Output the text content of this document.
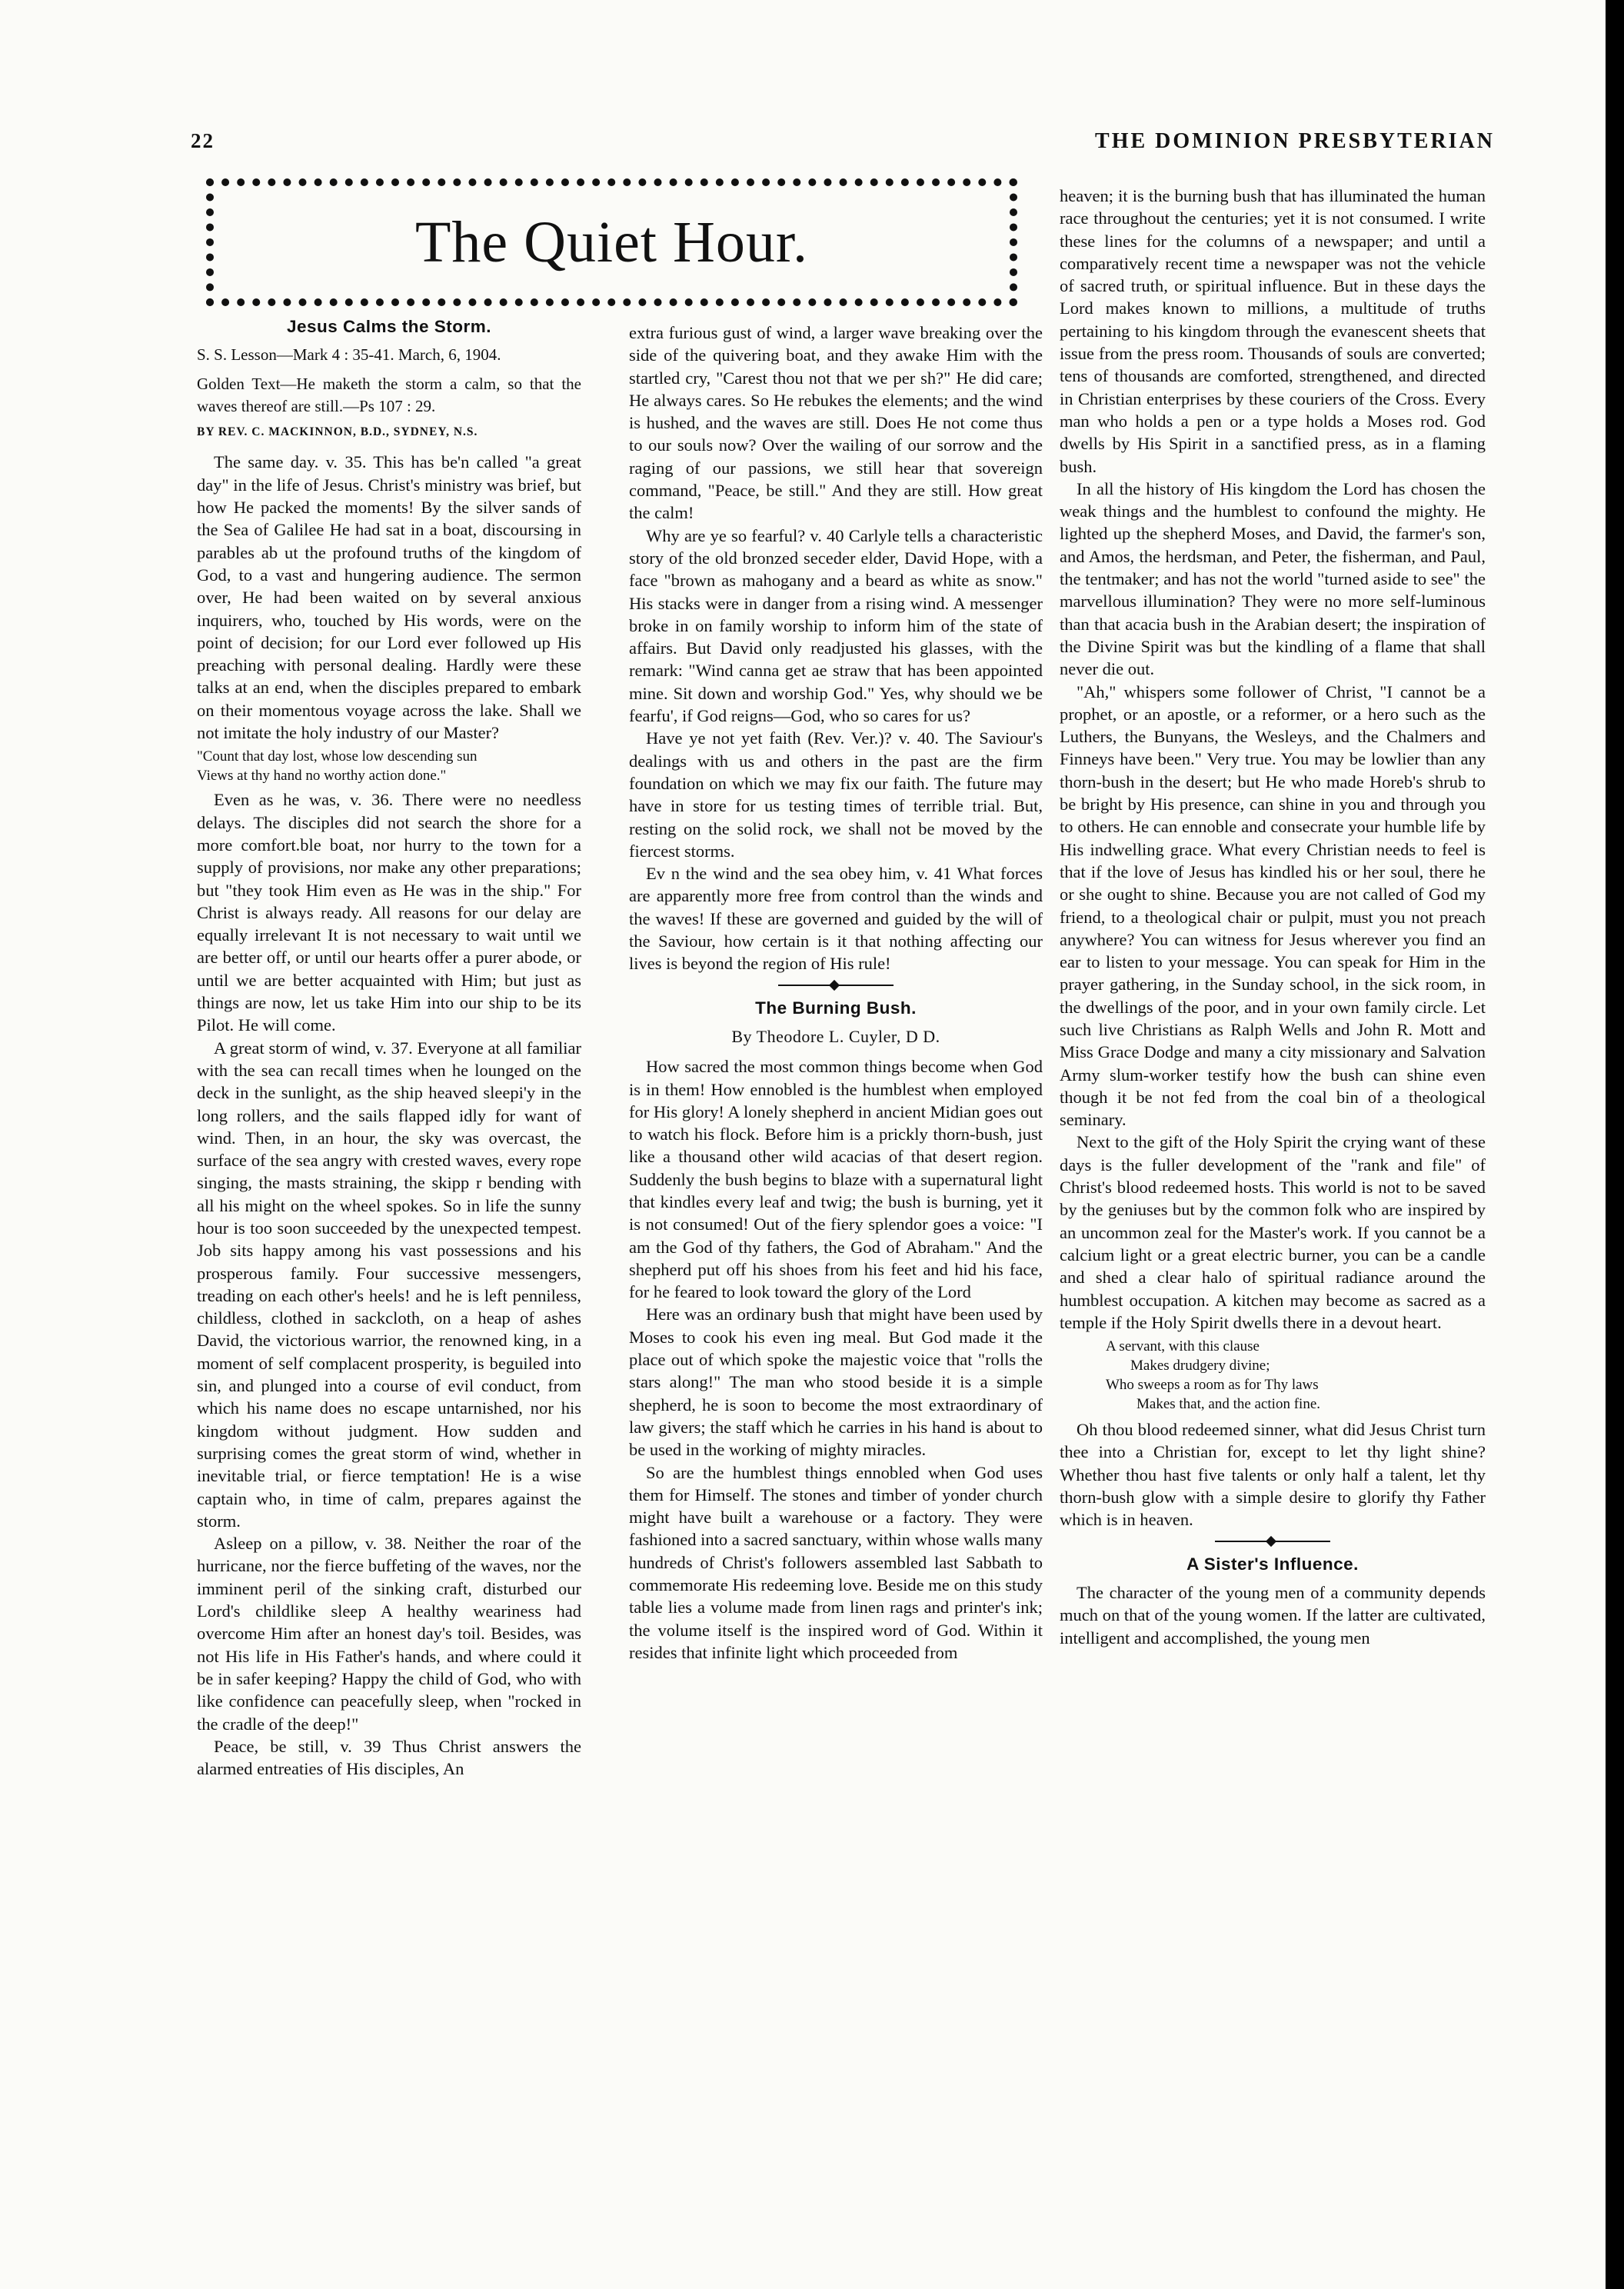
22	THE DOMINION PRESBYTERIAN
The Quiet Hour.
Jesus Calms the Storm.

S. S. Lesson—Mark 4 : 35-41. March, 6, 1904.

Golden Text—He maketh the storm a calm, so that the waves thereof are still.—Ps 107 : 29.

BY REV. C. MACKINNON, B.D., SYDNEY, N.S.

The same day. v. 35. This has be'n called "a great day" in the life of Jesus. Christ's ministry was brief, but how He packed the moments! By the silver sands of the Sea of Galilee He had sat in a boat, discoursing in parables ab ut the profound truths of the kingdom of God, to a vast and hungering audience. The sermon over, He had been waited on by several anxious inquirers, who, touched by His words, were on the point of decision; for our Lord ever followed up His preaching with personal dealing. Hardly were these talks at an end, when the disciples prepared to embark on their momentous voyage across the lake. Shall we not imitate the holy industry of our Master?

"Count that day lost, whose low descending sun

Views at thy hand no worthy action done."

Even as he was, v. 36. There were no needless delays. The disciples did not search the shore for a more comfort.ble boat, nor hurry to the town for a supply of provisions, nor make any other preparations; but "they took Him even as He was in the ship." For Christ is always ready. All reasons for our delay are equally irrelevant It is not necessary to wait until we are better off, or until our hearts offer a purer abode, or until we are better acquainted with Him; but just as things are now, let us take Him into our ship to be its Pilot. He will come.

A great storm of wind, v. 37. Everyone at all familiar with the sea can recall times when he lounged on the deck in the sunlight, as the ship heaved sleepi'y in the long rollers, and the sails flapped idly for want of wind. Then, in an hour, the sky was overcast, the surface of the sea angry with crested waves, every rope singing, the masts straining, the skipp r bending with all his might on the wheel spokes. So in life the sunny hour is too soon succeeded by the unexpected tempest. Job sits happy among his vast possessions and his prosperous family. Four successive messengers, treading on each other's heels! and he is left penniless, childless, clothed in sackcloth, on a heap of ashes David, the victorious warrior, the renowned king, in a moment of self complacent prosperity, is beguiled into sin, and plunged into a course of evil conduct, from which his name does no escape untarnished, nor his kingdom without judgment. How sudden and surprising comes the great storm of wind, whether in inevitable trial, or fierce temptation! He is a wise captain who, in time of calm, prepares against the storm.

Asleep on a pillow, v. 38. Neither the roar of the hurricane, nor the fierce buffeting of the waves, nor the imminent peril of the sinking craft, disturbed our Lord's childlike sleep A healthy weariness had overcome Him after an honest day's toil. Besides, was not His life in His Father's hands, and where could it be in safer keeping? Happy the child of God, who with like confidence can peacefully sleep, when "rocked in the cradle of the deep!"

Peace, be still, v. 39 Thus Christ answers the alarmed entreaties of His disciples, An

extra furious gust of wind, a larger wave breaking over the side of the quivering boat, and they awake Him with the startled cry, "Carest thou not that we per sh?" He did care; He always cares. So He rebukes the elements; and the wind is hushed, and the waves are still. Does He not come thus to our souls now? Over the wailing of our sorrow and the raging of our passions, we still hear that sovereign command, "Peace, be still." And they are still. How great the calm!

Why are ye so fearful? v. 40 Carlyle tells a characteristic story of the old bronzed seceder elder, David Hope, with a face "brown as mahogany and a beard as white as snow." His stacks were in danger from a rising wind. A messenger broke in on family worship to inform him of the state of affairs. But David only readjusted his glasses, with the remark: "Wind canna get ae straw that has been appointed mine. Sit down and worship God." Yes, why should we be fearfu', if God reigns—God, who so cares for us?

Have ye not yet faith (Rev. Ver.)? v. 40. The Saviour's dealings with us and others in the past are the firm foundation on which we may fix our faith. The future may have in store for us testing times of terrible trial. But, resting on the solid rock, we shall not be moved by the fiercest storms.

Ev n the wind and the sea obey him, v. 41 What forces are apparently more free from control than the winds and the waves! If these are governed and guided by the will of the Saviour, how certain is it that nothing affecting our lives is beyond the region of His rule!

The Burning Bush.

By Theodore L. Cuyler, D D.

How sacred the most common things become when God is in them! How ennobled is the humblest when employed for His glory! A lonely shepherd in ancient Midian goes out to watch his flock. Before him is a prickly thorn-bush, just like a thousand other wild acacias of that desert region. Suddenly the bush begins to blaze with a supernatural light that kindles every leaf and twig; the bush is burning, yet it is not consumed! Out of the fiery splendor goes a voice: "I am the God of thy fathers, the God of Abraham." And the shepherd put off his shoes from his feet and hid his face, for he feared to look toward the glory of the Lord

Here was an ordinary bush that might have been used by Moses to cook his even ing meal. But God made it the place out of which spoke the majestic voice that "rolls the stars along!" The man who stood beside it is a simple shepherd, he is soon to become the most extraordinary of law givers; the staff which he carries in his hand is about to be used in the working of mighty miracles.

So are the humblest things ennobled when God uses them for Himself. The stones and timber of yonder church might have built a warehouse or a factory. They were fashioned into a sacred sanctuary, within whose walls many hundreds of Christ's followers assembled last Sabbath to commemorate His redeeming love. Beside me on this study table lies a volume made from linen rags and printer's ink; the volume itself is the inspired word of God. Within it resides that infinite light which proceeded from

heaven; it is the burning bush that has illuminated the human race throughout the centuries; yet it is not consumed. I write these lines for the columns of a newspaper; and until a comparatively recent time a newspaper was not the vehicle of sacred truth, or spiritual influence. But in these days the Lord makes known to millions, a multitude of truths pertaining to his kingdom through the evanescent sheets that issue from the press room. Thousands of souls are converted; tens of thousands are comforted, strengthened, and directed in Christian enterprises by these couriers of the Cross. Every man who holds a pen or a type holds a Moses rod. God dwells by His Spirit in a sanctified press, as in a flaming bush.

In all the history of His kingdom the Lord has chosen the weak things and the humblest to confound the mighty. He lighted up the shepherd Moses, and David, the farmer's son, and Amos, the herdsman, and Peter, the fisherman, and Paul, the tentmaker; and has not the world "turned aside to see" the marvellous illumination? They were no more self-luminous than that acacia bush in the Arabian desert; the inspiration of the Divine Spirit was but the kindling of a flame that shall never die out.

"Ah," whispers some follower of Christ, "I cannot be a prophet, or an apostle, or a reformer, or a hero such as the Luthers, the Bunyans, the Wesleys, and the Chalmers and Finneys have been." Very true. You may be lowlier than any thorn-bush in the desert; but He who made Horeb's shrub to be bright by His presence, can shine in you and through you to others. He can ennoble and consecrate your humble life by His indwelling grace. What every Christian needs to feel is that if the love of Jesus has kindled his or her soul, there he or she ought to shine. Because you are not called of God my friend, to a theological chair or pulpit, must you not preach anywhere? You can witness for Jesus wherever you find an ear to listen to your message. You can speak for Him in the prayer gathering, in the Sunday school, in the sick room, in the dwellings of the poor, and in your own family circle. Let such live Christians as Ralph Wells and John R. Mott and Miss Grace Dodge and many a city missionary and Salvation Army slum-worker testify how the bush can shine even though it be not fed from the coal bin of a theological seminary.

Next to the gift of the Holy Spirit the crying want of these days is the fuller development of the "rank and file" of Christ's blood redeemed hosts. This world is not to be saved by the geniuses but by the common folk who are inspired by an uncommon zeal for the Master's work. If you cannot be a calcium light or a great electric burner, you can be a candle and shed a clear halo of spiritual radiance around the humblest occupation. A kitchen may become as sacred as a temple if the Holy Spirit dwells there in a devout heart.

A servant, with this clause
Makes drudgery divine;
Who sweeps a room as for Thy laws
Makes that, and the action fine.

Oh thou blood redeemed sinner, what did Jesus Christ turn thee into a Christian for, except to let thy light shine? Whether thou hast five talents or only half a talent, let thy thorn-bush glow with a simple desire to glorify thy Father which is in heaven.

A Sister's Influence.

The character of the young men of a community depends much on that of the young women. If the latter are cultivated, intelligent and accomplished, the young men
